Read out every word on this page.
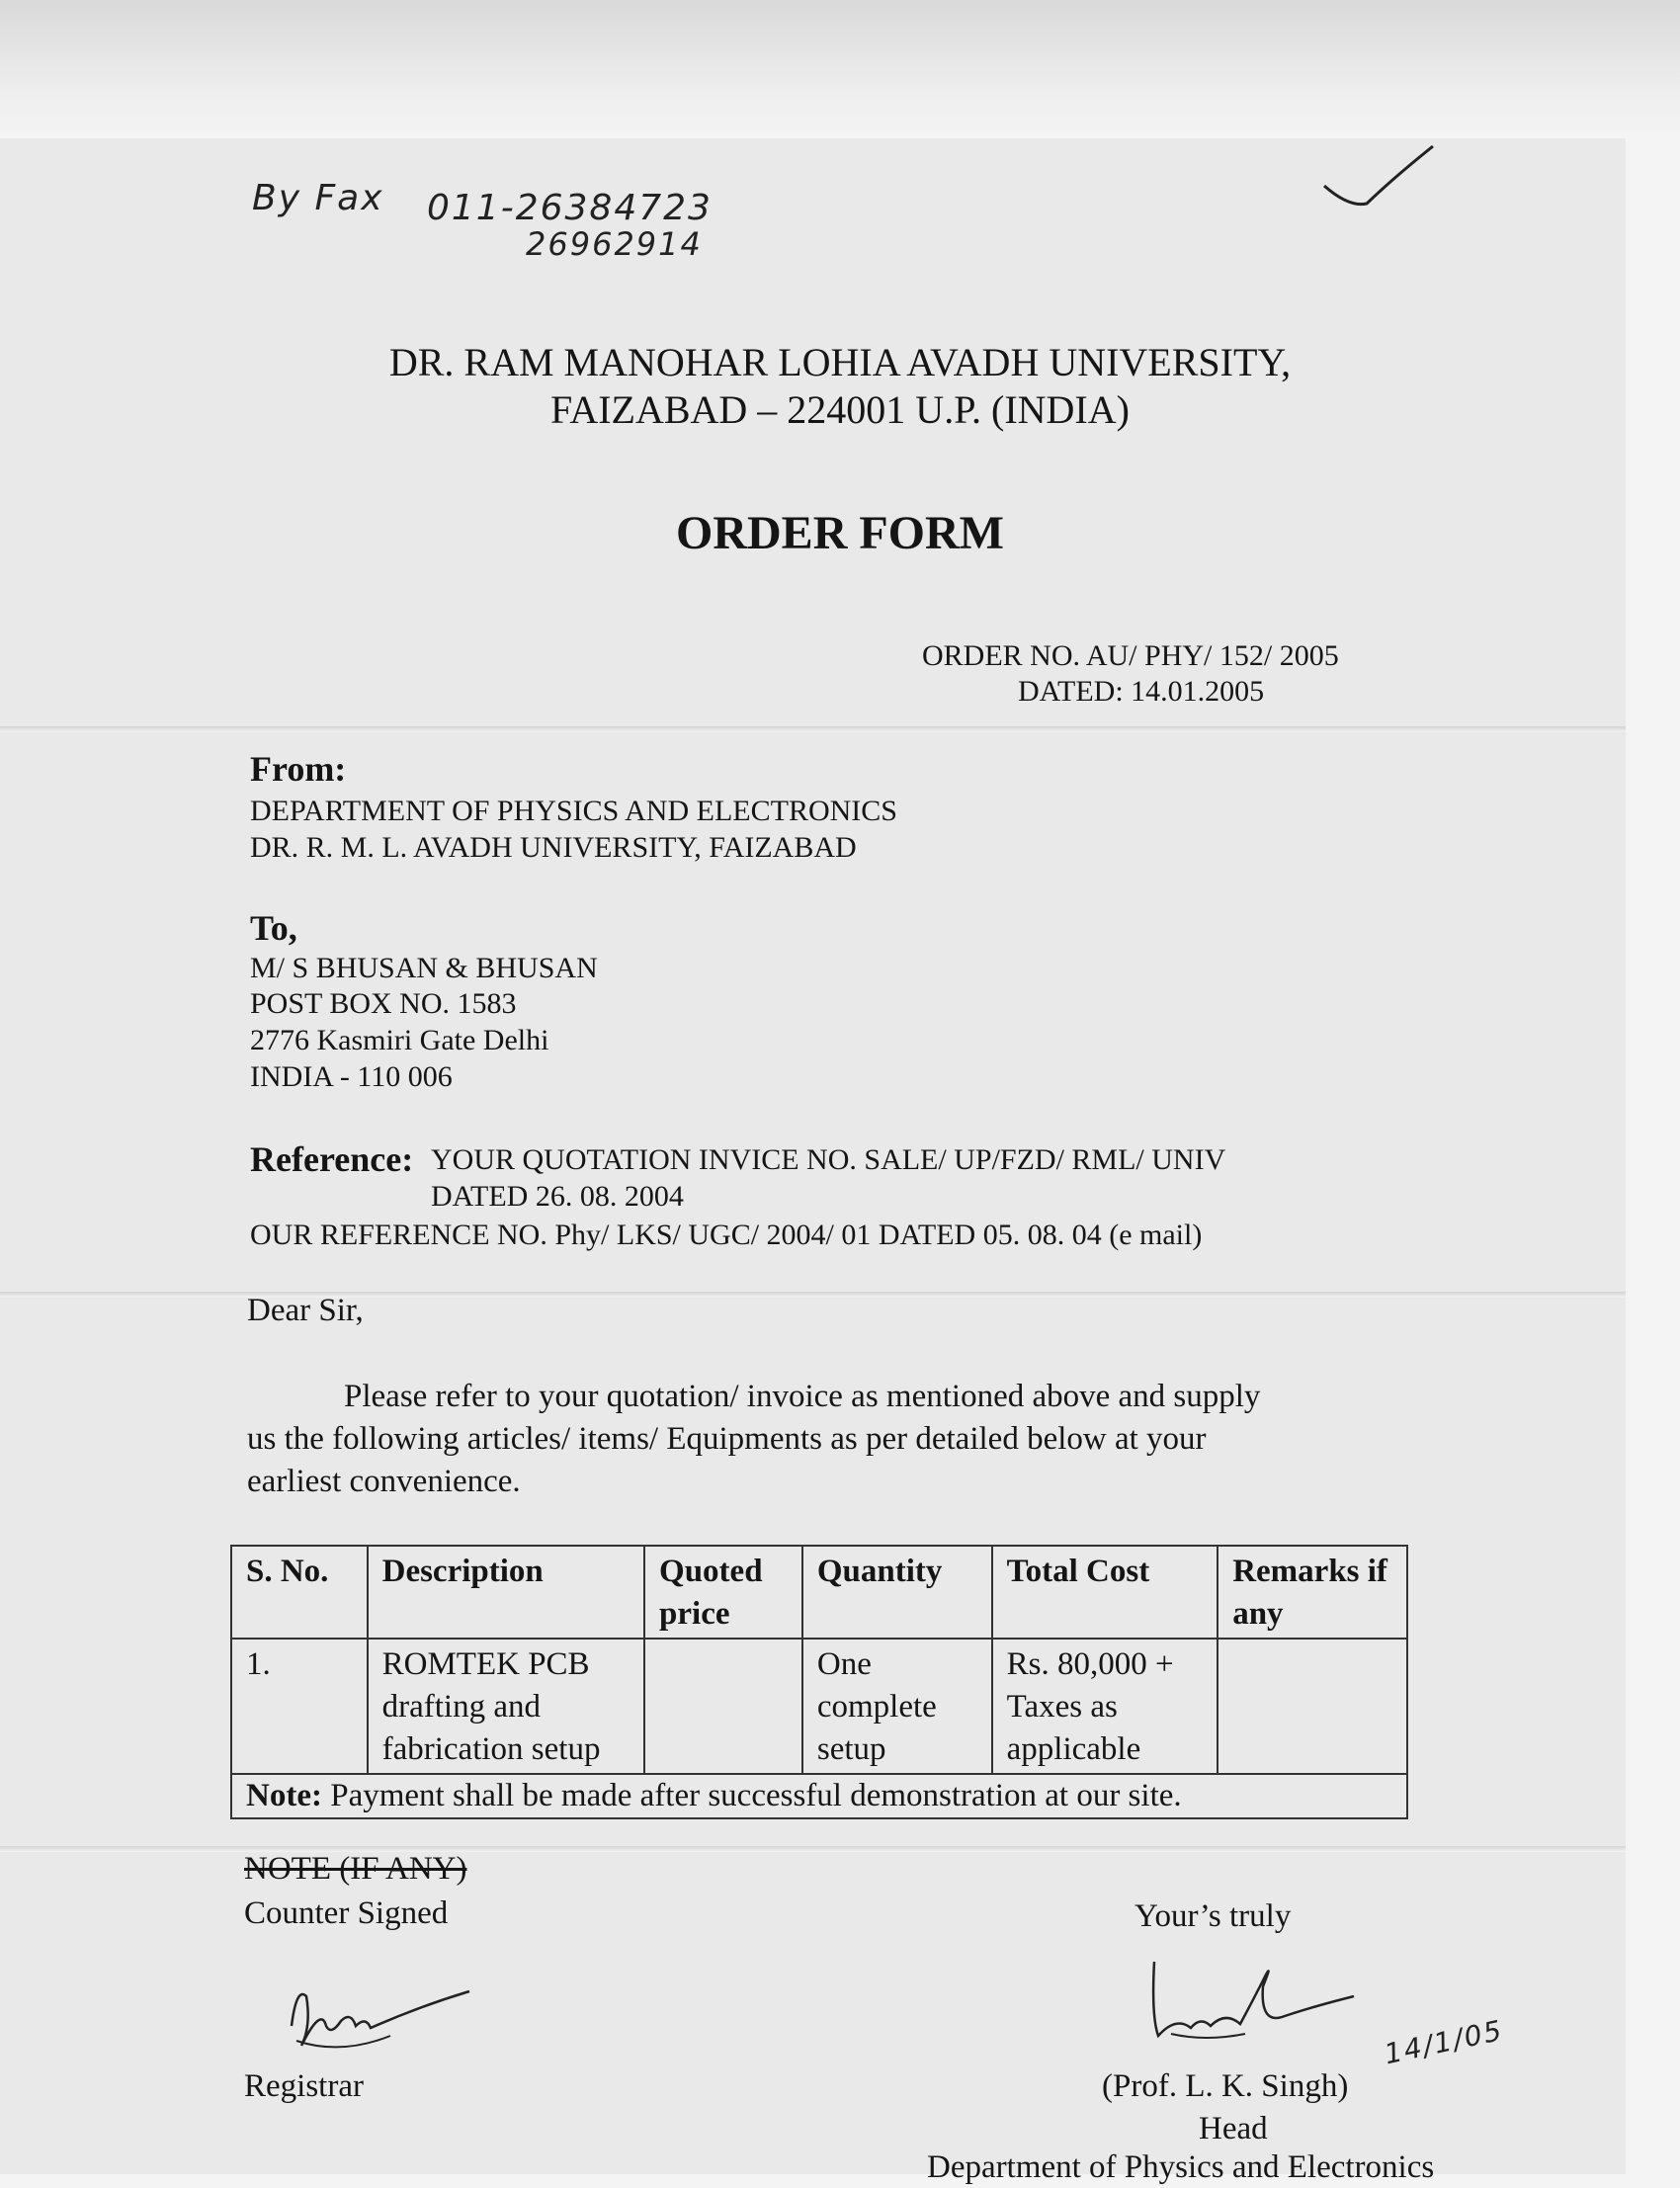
By Fax 011-26384723
26962914
DR. RAM MANOHAR LOHIA AVADH UNIVERSITY,
FAIZABAD – 224001 U.P. (INDIA)
ORDER FORM
ORDER NO. AU/ PHY/ 152/ 2005
DATED: 14.01.2005
From:
DEPARTMENT OF PHYSICS AND ELECTRONICS
DR. R. M. L. AVADH UNIVERSITY, FAIZABAD
To,
M/ S BHUSAN & BHUSAN
POST BOX NO. 1583
2776 Kasmiri Gate Delhi
INDIA - 110 006
Reference: YOUR QUOTATION INVICE NO. SALE/ UP/FZD/ RML/ UNIV
DATED 26. 08. 2004
OUR REFERENCE NO. Phy/ LKS/ UGC/ 2004/ 01 DATED 05. 08. 04 (e mail)
Dear Sir,
Please refer to your quotation/ invoice as mentioned above and supply
us the following articles/ items/ Equipments as per detailed below at your
earliest convenience.
S. No.	Description	Quoted price	Quantity	Total Cost	Remarks if any
1.	ROMTEK PCB drafting and fabrication setup		One complete setup	Rs. 80,000 + Taxes as applicable	
Note: Payment shall be made after successful demonstration at our site.					
NOTE (IF ANY)
Counter Signed	Your’s truly
Registrar
14/1/05
(Prof. L. K. Singh)
Head
Department of Physics and Electronics
